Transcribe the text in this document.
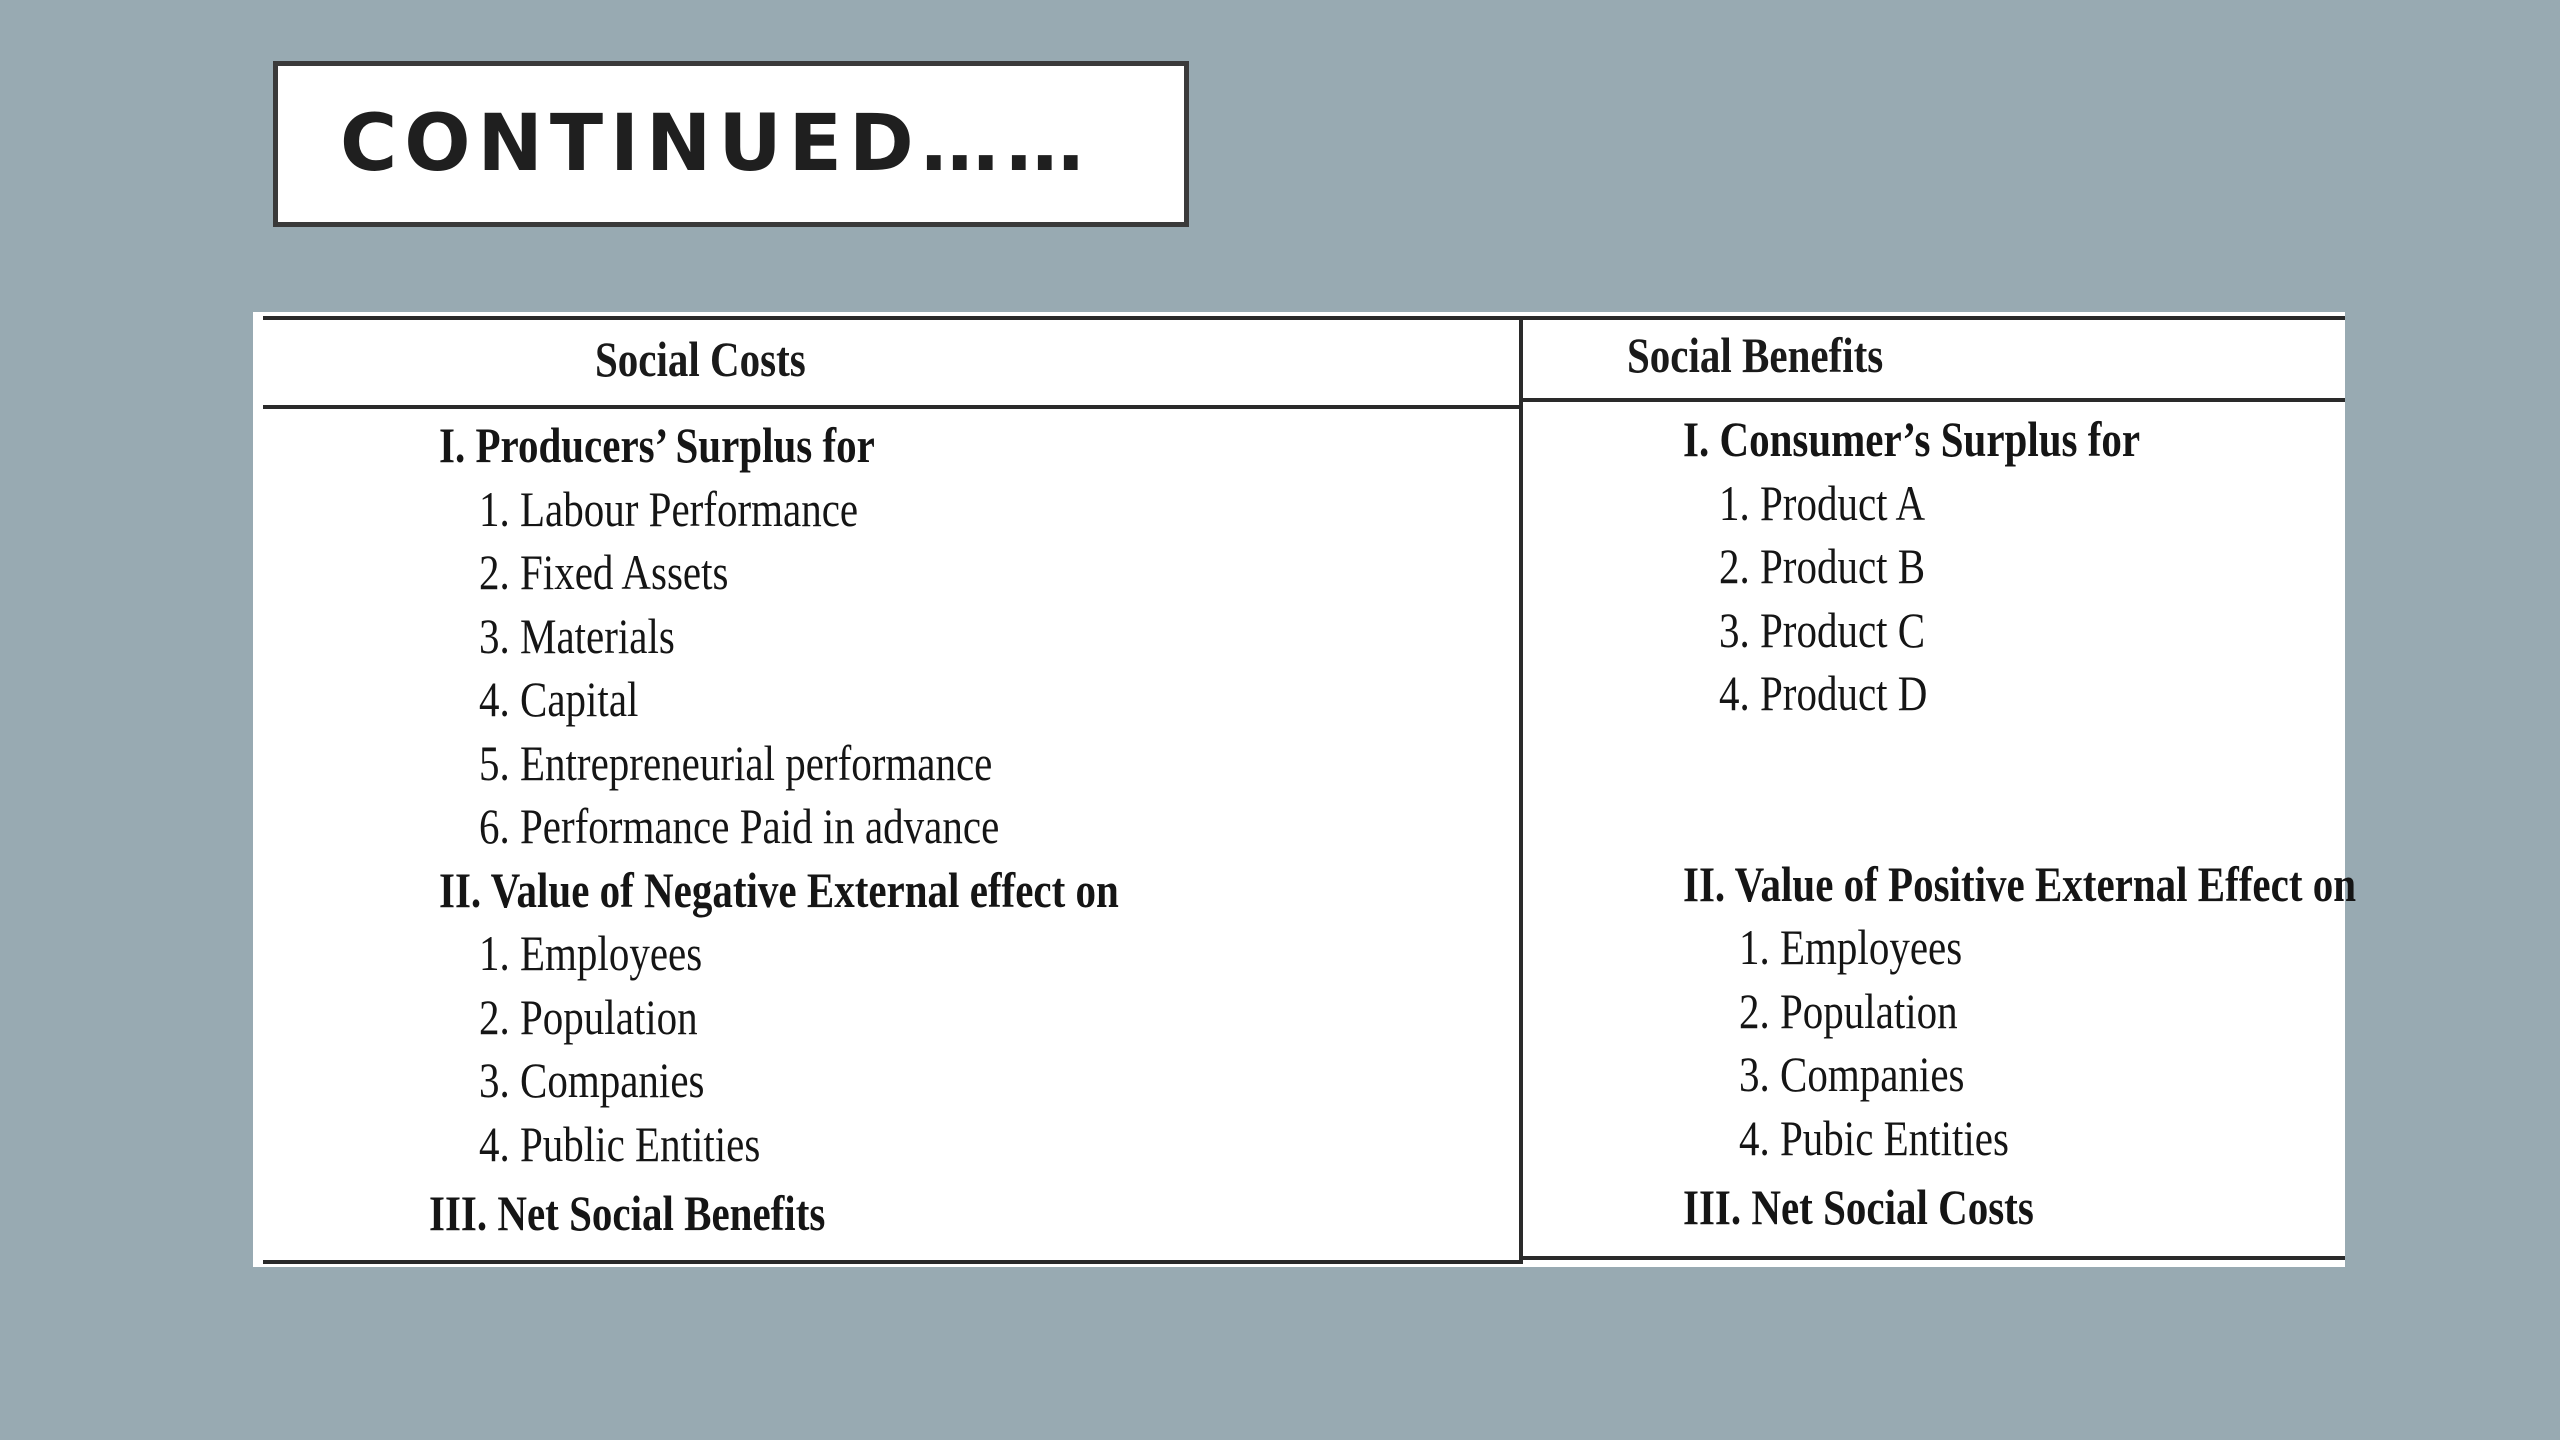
CONTINUED……
Social Costs	Social Benefits
I. Producers’ Surplus for
1. Labour Performance
2. Fixed Assets
3. Materials
4. Capital
5. Entrepreneurial performance
6. Performance Paid in advance
II. Value of Negative External effect on
1. Employees
2. Population
3. Companies
4. Public Entities
III. Net Social Benefits
I. Consumer’s Surplus for
1. Product A
2. Product B
3. Product C
4. Product D
II. Value of Positive External Effect on
1. Employees
2. Population
3. Companies
4. Pubic Entities
III. Net Social Costs
